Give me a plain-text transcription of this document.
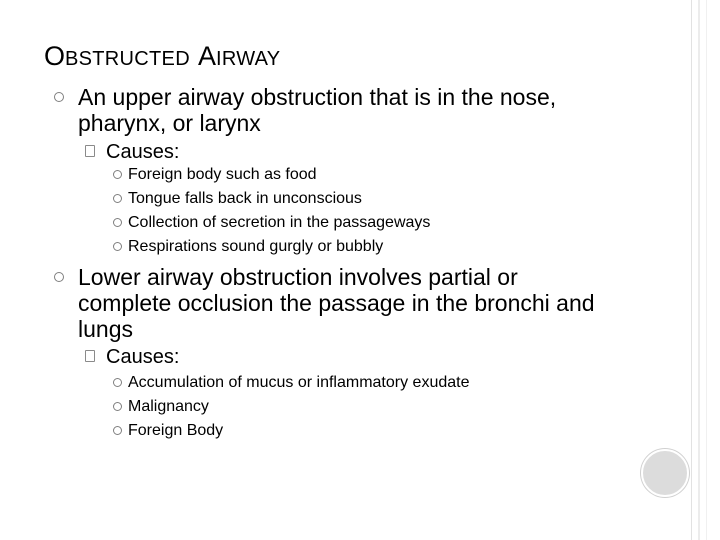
OBSTRUCTED AIRWAY
An upper airway obstruction that is in the nose,
pharynx, or larynx
Causes:
Foreign body such as food
Tongue falls back in unconscious
Collection of secretion in the passageways
Respirations sound gurgly or bubbly
Lower airway obstruction involves partial or
complete occlusion the passage in the bronchi and
lungs
Causes:
Accumulation of mucus or inflammatory exudate
Malignancy
Foreign Body
